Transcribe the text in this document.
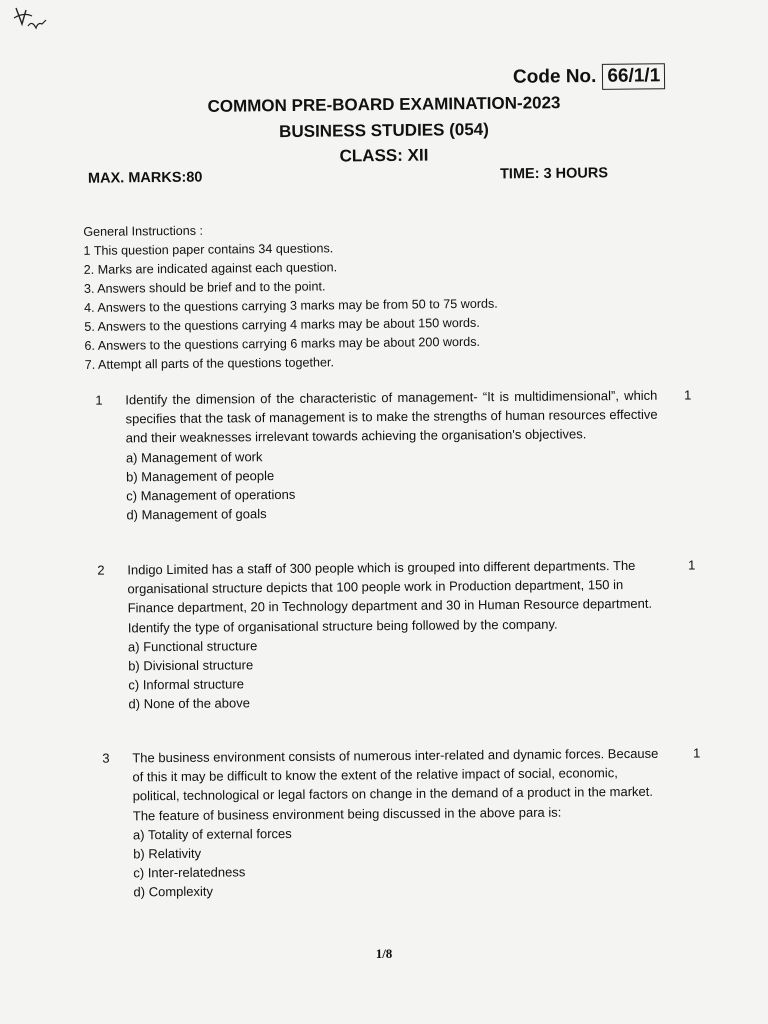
Code No. 66/1/1
COMMON PRE-BOARD EXAMINATION-2023
BUSINESS STUDIES (054)
CLASS: XII
MAX. MARKS:80	TIME: 3 HOURS

General Instructions :

1 This question paper contains 34 questions.
2. Marks are indicated against each question.
3. Answers should be brief and to the point.
4. Answers to the questions carrying 3 marks may be from 50 to 75 words.
5. Answers to the questions carrying 4 marks may be about 150 words.
6. Answers to the questions carrying 6 marks may be about 200 words.
7. Attempt all parts of the questions together.
1 Identify the dimension of the characteristic of management- “It is multidimensional”, which specifies that the task of management is to make the strengths of human resources effective and their weaknesses irrelevant towards achieving the organisation's objectives.

a) Management of work
b) Management of people
c) Management of operations
d) Management of goals
1
2 Indigo Limited has a staff of 300 people which is grouped into different departments. The organisational structure depicts that 100 people work in Production department, 150 in Finance department, 20 in Technology department and 30 in Human Resource department. Identify the type of organisational structure being followed by the company.

a) Functional structure
b) Divisional structure
c) Informal structure
d) None of the above
1
3 The business environment consists of numerous inter-related and dynamic forces. Because of this it may be difficult to know the extent of the relative impact of social, economic, political, technological or legal factors on change in the demand of a product in the market. The feature of business environment being discussed in the above para is:

a) Totality of external forces
b) Relativity
c) Inter-relatedness
d) Complexity
1
1/8
